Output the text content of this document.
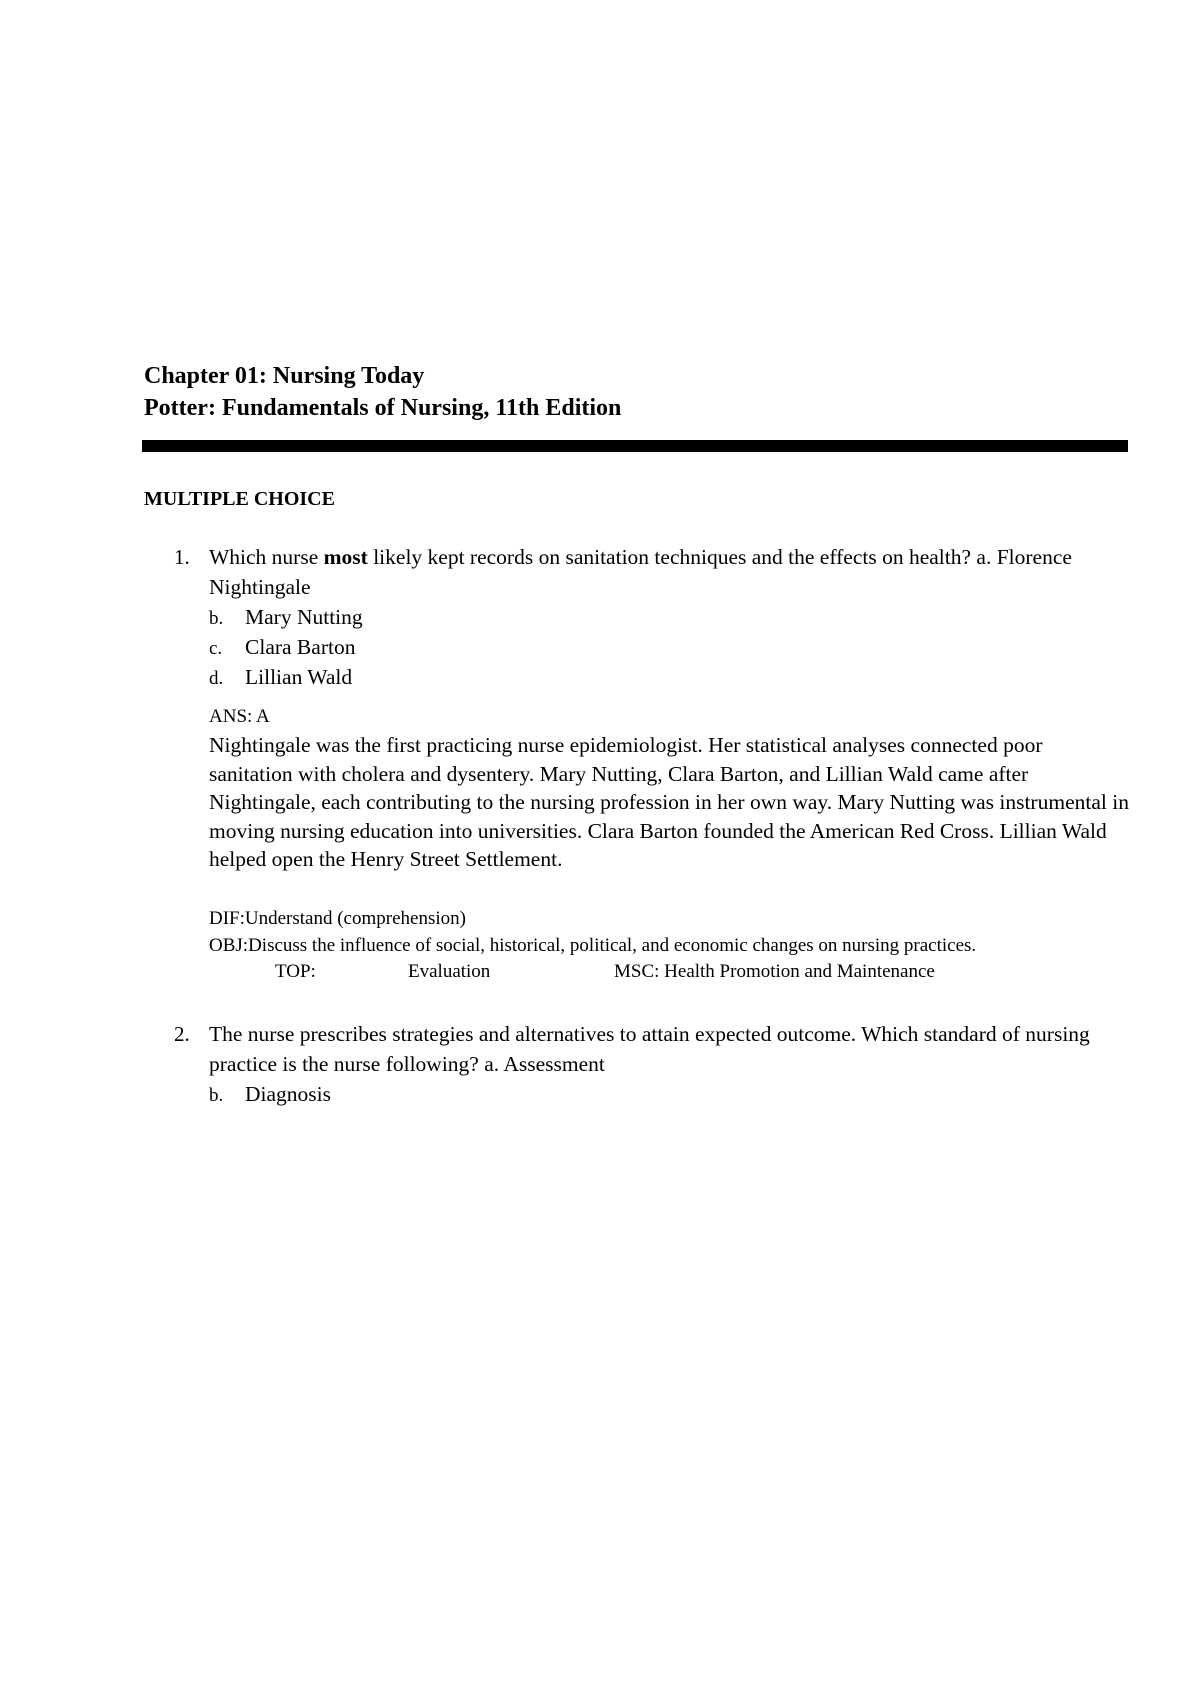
Chapter 01: Nursing Today
Potter: Fundamentals of Nursing, 11th Edition
MULTIPLE CHOICE
1. Which nurse most likely kept records on sanitation techniques and the effects on health? a. Florence Nightingale
b. Mary Nutting
c. Clara Barton
d. Lillian Wald
ANS: A
Nightingale was the first practicing nurse epidemiologist. Her statistical analyses connected poor sanitation with cholera and dysentery. Mary Nutting, Clara Barton, and Lillian Wald came after Nightingale, each contributing to the nursing profession in her own way. Mary Nutting was instrumental in moving nursing education into universities. Clara Barton founded the American Red Cross. Lillian Wald helped open the Henry Street Settlement.
DIF:Understand (comprehension)
OBJ:Discuss the influence of social, historical, political, and economic changes on nursing practices.
TOP:	Evaluation	MSC: Health Promotion and Maintenance
2. The nurse prescribes strategies and alternatives to attain expected outcome. Which standard of nursing practice is the nurse following? a. Assessment
b. Diagnosis
